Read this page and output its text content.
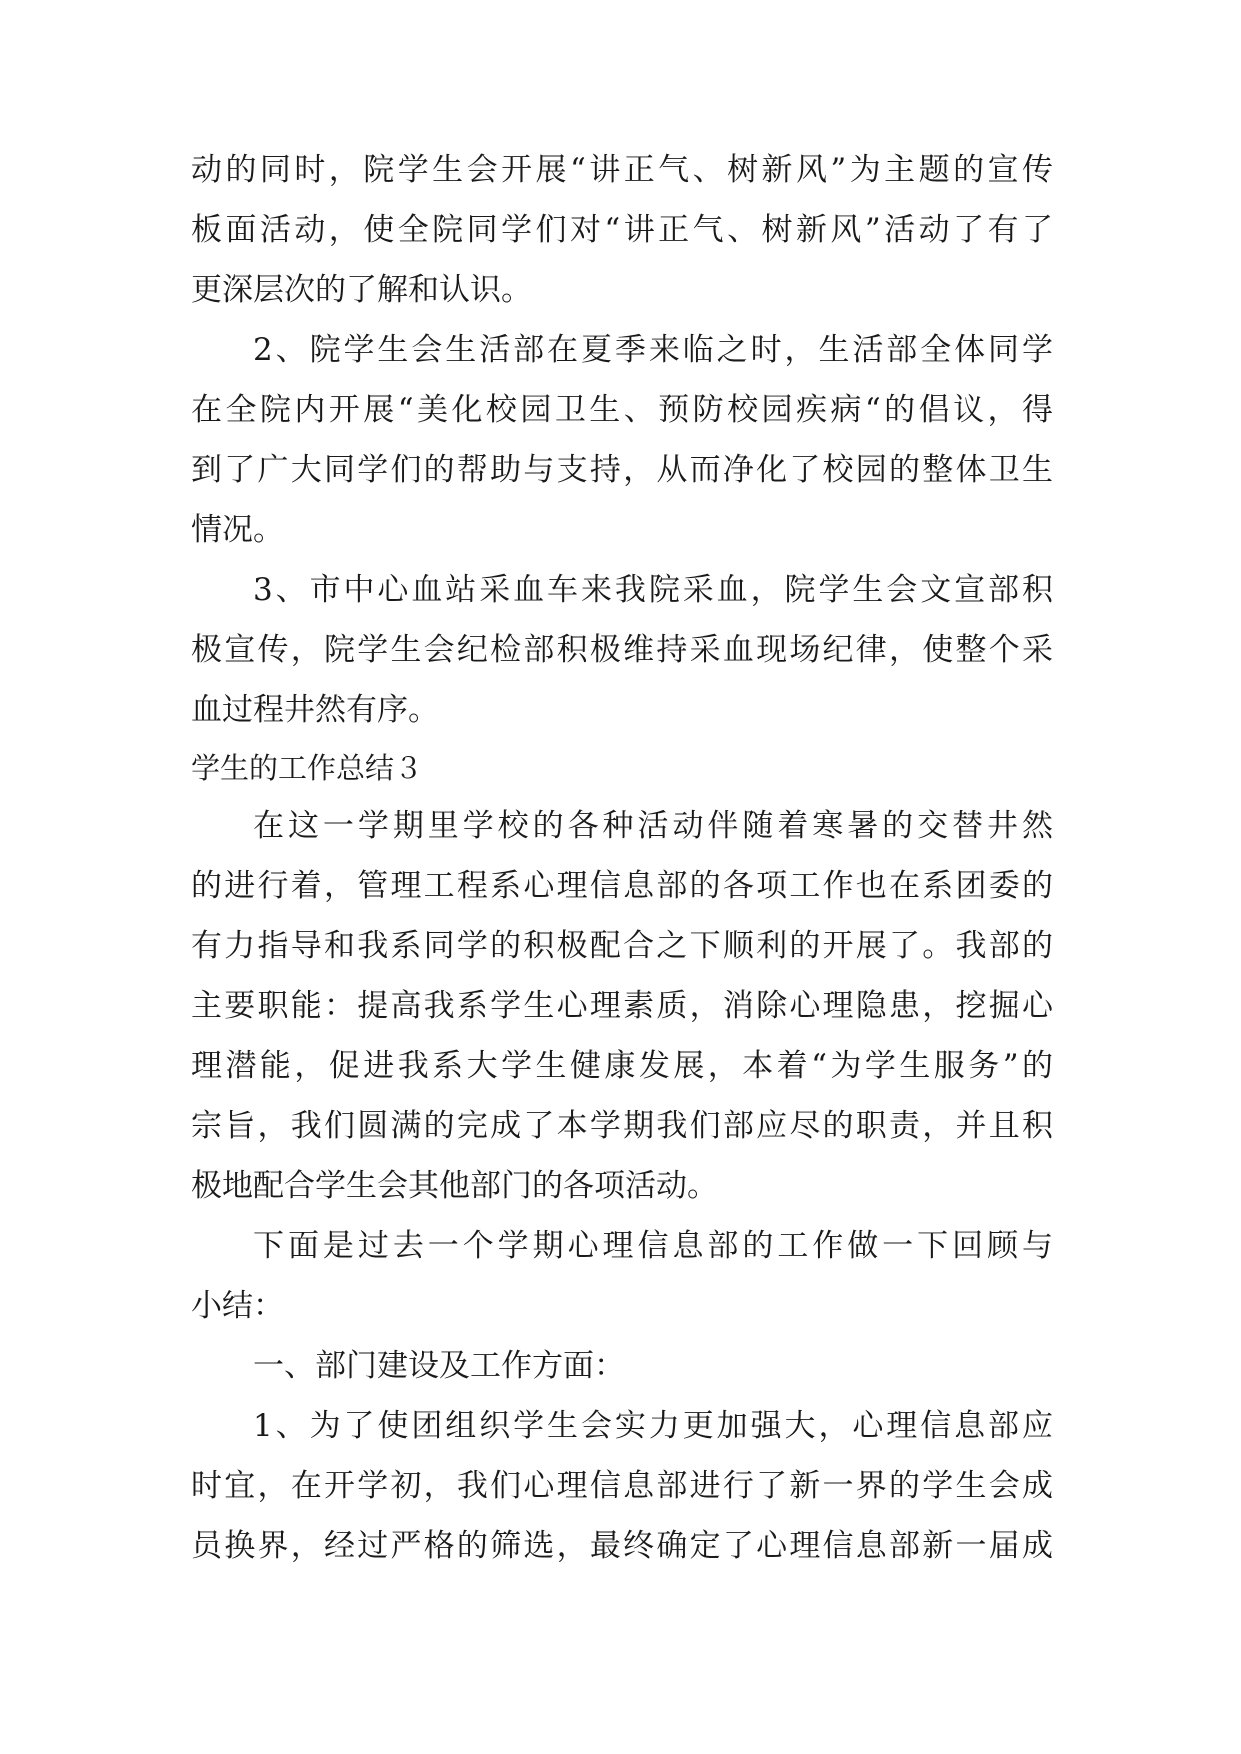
动的同时，院学生会开展“讲正气、树新风”为主题的宣传
板面活动，使全院同学们对“讲正气、树新风”活动了有了
更深层次的了解和认识。
2、院学生会生活部在夏季来临之时，生活部全体同学
在全院内开展“美化校园卫生、预防校园疾病“的倡议，得
到了广大同学们的帮助与支持，从而净化了校园的整体卫生
情况。
3、市中心血站采血车来我院采血，院学生会文宣部积
极宣传，院学生会纪检部积极维持采血现场纪律，使整个采
血过程井然有序。
学生的工作总结３
在这一学期里学校的各种活动伴随着寒暑的交替井然
的进行着，管理工程系心理信息部的各项工作也在系团委的
有力指导和我系同学的积极配合之下顺利的开展了。我部的
主要职能：提高我系学生心理素质，消除心理隐患，挖掘心
理潜能，促进我系大学生健康发展，本着“为学生服务”的
宗旨，我们圆满的完成了本学期我们部应尽的职责，并且积
极地配合学生会其他部门的各项活动。
下面是过去一个学期心理信息部的工作做一下回顾与
小结：
一、部门建设及工作方面：
1、为了使团组织学生会实力更加强大，心理信息部应
时宜，在开学初，我们心理信息部进行了新一界的学生会成
员换界，经过严格的筛选，最终确定了心理信息部新一届成
